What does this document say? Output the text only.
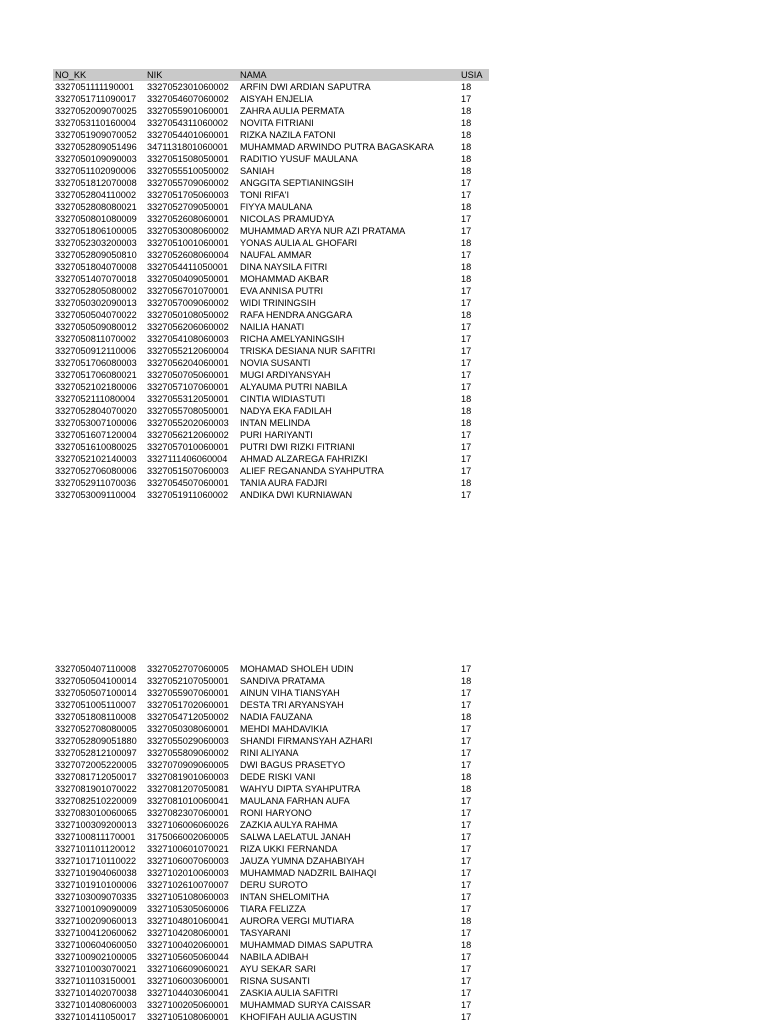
NO_KK	NIK	NAMA	USIA
3327051111190001 3327052301060002 ARFIN DWI ARDIAN SAPUTRA	18
3327051711090017 3327054607060002 AISYAH ENJELIA	17
3327052009070025 3327055901060001 ZAHRA AULIA PERMATA	18
3327053110160004 3327054311060002 NOVITA FITRIANI	18
3327051909070052 3327054401060001 RIZKA NAZILA FATONI	18
3327052809051496 3471131801060001 MUHAMMAD ARWINDO PUTRA BAGASKARA	18
3327050109090003 3327051508050001 RADITIO YUSUF MAULANA	18
3327051102090006 3327055510050002 SANIAH	18
3327051812070008 3327055709060002 ANGGITA SEPTIANINGSIH	17
3327052804110002 3327051705060003 TONI RIFA'I	17
3327052808080021 3327052709050001 FIYYA MAULANA	18
3327050801080009 3327052608060001 NICOLAS PRAMUDYA	17
3327051806100005 3327053008060002 MUHAMMAD ARYA NUR AZI PRATAMA	17
3327052303200003 3327051001060001 YONAS AULIA AL GHOFARI	18
3327052809050810 3327052608060004 NAUFAL AMMAR	17
3327051804070008 3327054411050001 DINA NAYSILA FITRI	18
3327051407070018 3327050409050001 MOHAMMAD AKBAR	18
3327052805080002 3327056701070001 EVA ANNISA PUTRI	17
3327050302090013 3327057009060002 WIDI TRININGSIH	17
3327050504070022 3327050108050002 RAFA HENDRA ANGGARA	18
3327050509080012 3327056206060002 NAILIA HANATI	17
3327050811070002 3327054108060003 RICHA AMELYANINGSIH	17
3327050912110006 3327055212060004 TRISKA DESIANA NUR SAFITRI	17
3327051706080003 3327056204060001 NOVIA SUSANTI	17
3327051706080021 3327050705060001 MUGI ARDIYANSYAH	17
3327052102180006 3327057107060001 ALYAUMA PUTRI NABILA	17
3327052111080004 3327055312050001 CINTIA WIDIASTUTI	18
3327052804070020 3327055708050001 NADYA EKA FADILAH	18
3327053007100006 3327055202060003 INTAN MELINDA	18
3327051607120004 3327056212060002 PURI HARIYANTI	17
3327051610080025 3327057010060001 PUTRI DWI RIZKI FITRIANI	17
3327052102140003 3327111406060004 AHMAD ALZAREGA FAHRIZKI	17
3327052706080006 3327051507060003 ALIEF REGANANDA SYAHPUTRA	17
3327052911070036 3327054507060001 TANIA AURA FADJRI	18
3327053009110004 3327051911060002 ANDIKA DWI KURNIAWAN	17
3327050407110008 3327052707060005 MOHAMAD SHOLEH UDIN	17
3327050504100014 3327052107050001 SANDIVA PRATAMA	18
3327050507100014 3327055907060001 AINUN VIHA TIANSYAH	17
3327051005110007 3327051702060001 DESTA TRI ARYANSYAH	17
3327051808110008 3327054712050002 NADIA FAUZANA	18
3327052708080005 3327050308060001 MEHDI MAHDAVIKIA	17
3327052809051880 3327055029060003 SHANDI FIRMANSYAH AZHARI	17
3327052812100097 3327055809060002 RINI ALIYANA	17
3327072005220005 3327070909060005 DWI BAGUS PRASETYO	17
3327081712050017 3327081901060003 DEDE RISKI VANI	18
3327081901070022 3327081207050081 WAHYU DIPTA SYAHPUTRA	18
3327082510220009 3327081010060041 MAULANA FARHAN AUFA	17
3327083010060065 3327082307060001 RONI HARYONO	17
3327100309200013 3327106006060026 ZAZKIA AULYA RAHMA	17
3327100811170001 3175066002060005 SALWA LAELATUL JANAH	17
3327101101120012 3327100601070021 RIZA UKKI FERNANDA	17
3327101710110022 3327106007060003 JAUZA YUMNA DZAHABIYAH	17
3327101904060038 3327102010060003 MUHAMMAD NADZRIL BAIHAQI	17
3327101910100006 3327102610070007 DERU SUROTO	17
3327103009070335 3327105108060003 INTAN SHELOMITHA	17
3327100109090009 3327105305060006 TIARA FELIZZA	17
3327100209060013 3327104801060041 AURORA VERGI MUTIARA	18
3327100412060062 3327104208060001 TASYARANI	17
3327100604060050 3327100402060001 MUHAMMAD DIMAS SAPUTRA	18
3327100902100005 3327105605060044 NABILA ADIBAH	17
3327101003070021 3327106609060021 AYU SEKAR SARI	17
3327101103150001 3327106003060001 RISNA SUSANTI	17
3327101402070038 3327104403060041 ZASKIA AULIA SAFITRI	17
3327101408060003 3327100205060001 MUHAMMAD SURYA CAISSAR	17
3327101411050017 3327105108060001 KHOFIFAH AULIA AGUSTIN	17
